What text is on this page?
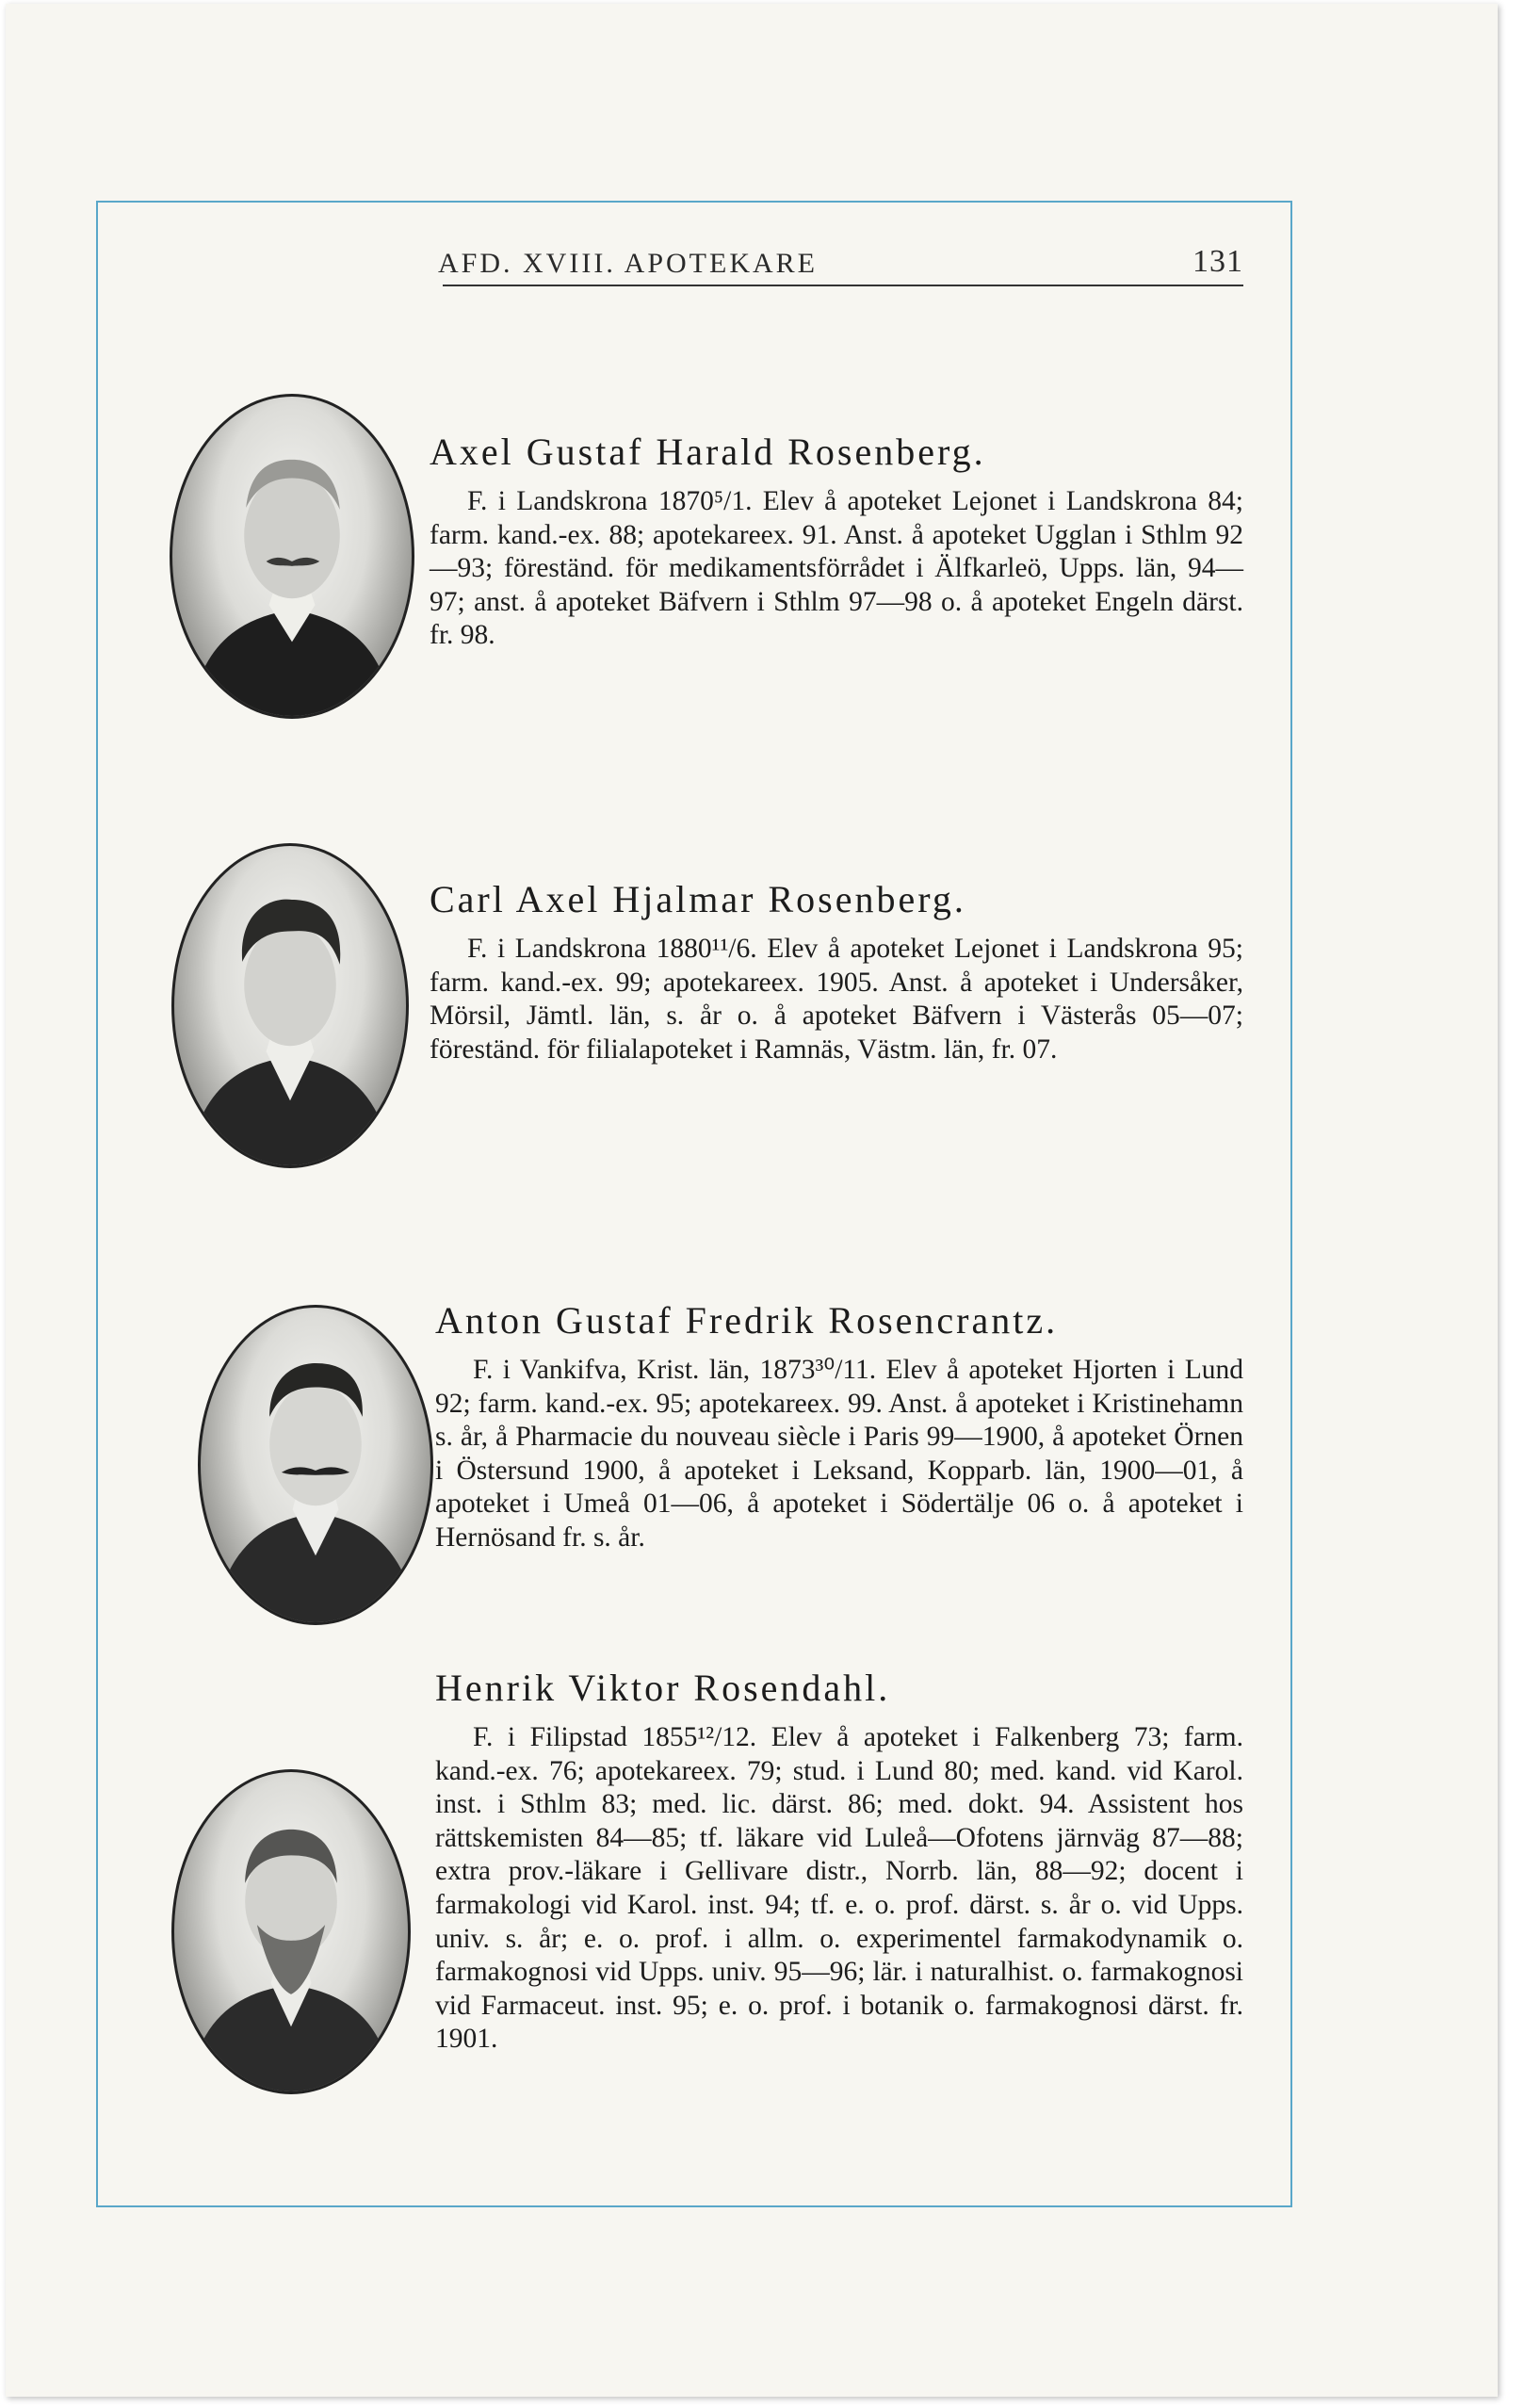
AFD. XVIII. APOTEKARE	131
Axel Gustaf Harald Rosenberg.

F. i Landskrona 1870⁵/1. Elev å apoteket Lejonet i Landskrona 84; farm. kand.-ex. 88; apotekareex. 91. Anst. å apoteket Ugglan i Sthlm 92—93; föreständ. för medikamentsförrådet i Älfkarleö, Upps. län, 94—97; anst. å apoteket Bäfvern i Sthlm 97—98 o. å apoteket Engeln därst. fr. 98.

Carl Axel Hjalmar Rosenberg.

F. i Landskrona 1880¹¹/6. Elev å apoteket Lejonet i Landskrona 95; farm. kand.-ex. 99; apotekareex. 1905. Anst. å apoteket i Undersåker, Mörsil, Jämtl. län, s. år o. å apoteket Bäfvern i Västerås 05—07; föreständ. för filialapoteket i Ramnäs, Västm. län, fr. 07.

Anton Gustaf Fredrik Rosencrantz.

F. i Vankifva, Krist. län, 1873³⁰/11. Elev å apoteket Hjorten i Lund 92; farm. kand.-ex. 95; apotekareex. 99. Anst. å apoteket i Kristinehamn s. år, å Pharmacie du nouveau siècle i Paris 99—1900, å apoteket Örnen i Östersund 1900, å apoteket i Leksand, Kopparb. län, 1900—01, å apoteket i Umeå 01—06, å apoteket i Södertälje 06 o. å apoteket i Hernösand fr. s. år.

Henrik Viktor Rosendahl.

F. i Filipstad 1855¹²/12. Elev å apoteket i Falkenberg 73; farm. kand.-ex. 76; apotekareex. 79; stud. i Lund 80; med. kand. vid Karol. inst. i Sthlm 83; med. lic. därst. 86; med. dokt. 94. Assistent hos rättskemisten 84—85; tf. läkare vid Luleå—Ofotens järnväg 87—88; extra prov.-läkare i Gellivare distr., Norrb. län, 88—92; docent i farmakologi vid Karol. inst. 94; tf. e. o. prof. därst. s. år o. vid Upps. univ. s. år; e. o. prof. i allm. o. experimentel farmakodynamik o. farmakognosi vid Upps. univ. 95—96; lär. i naturalhist. o. farmakognosi vid Farmaceut. inst. 95; e. o. prof. i botanik o. farmakognosi därst. fr. 1901.
